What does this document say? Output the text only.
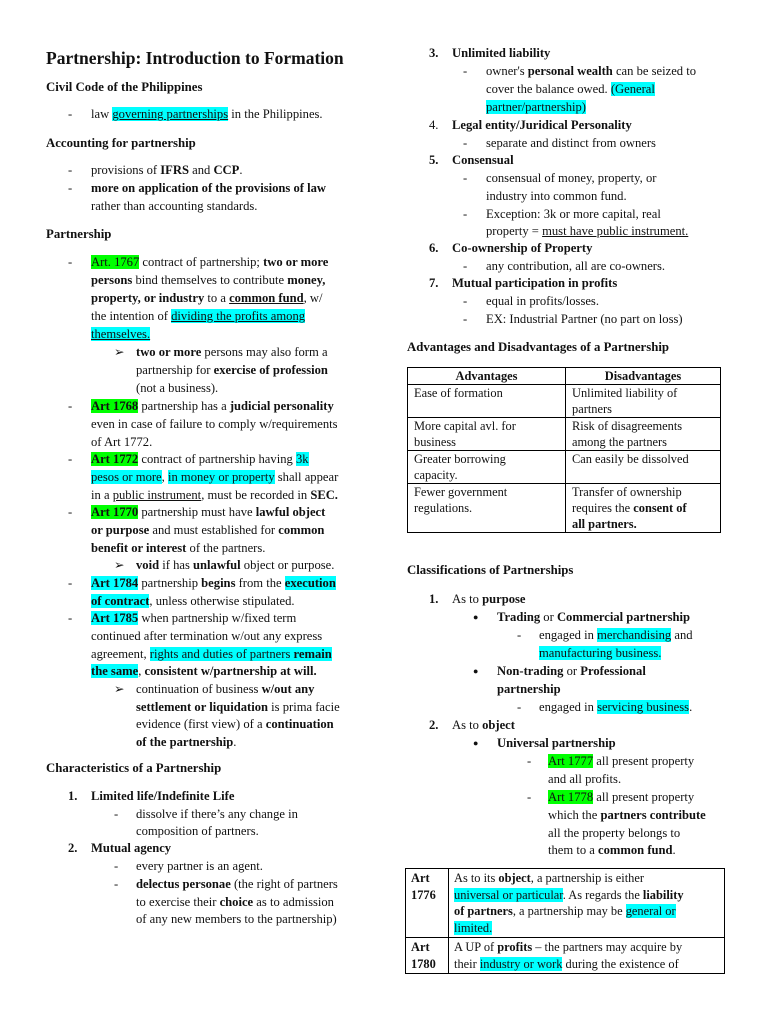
Partnership: Introduction to Formation
Civil Code of the Philippines
- law governing partnerships in the Philippines.
Accounting for partnership
- provisions of IFRS and CCP.
- more on application of the provisions of law
rather than accounting standards.
Partnership
- Art. 1767 contract of partnership; two or more
persons bind themselves to contribute money,
property, or industry to a common fund, w/
the intention of dividing the profits among
themselves.
➢ two or more persons may also form a
partnership for exercise of profession
(not a business).
- Art 1768 partnership has a judicial personality
even in case of failure to comply w/requirements
of Art 1772.
- Art 1772 contract of partnership having 3k
pesos or more, in money or property shall appear
in a public instrument, must be recorded in SEC.
- Art 1770 partnership must have lawful object
or purpose and must established for common
benefit or interest of the partners.
➢ void if has unlawful object or purpose.
- Art 1784 partnership begins from the execution
of contract, unless otherwise stipulated.
- Art 1785 when partnership w/fixed term
continued after termination w/out any express
agreement, rights and duties of partners remain
the same, consistent w/partnership at will.
➢ continuation of business w/out any
settlement or liquidation is prima facie
evidence (first view) of a continuation
of the partnership.
Characteristics of a Partnership
1. Limited life/Indefinite Life
- dissolve if there’s any change in
composition of partners.
2. Mutual agency
- every partner is an agent.
- delectus personae (the right of partners
to exercise their choice as to admission
of any new members to the partnership)
3. Unlimited liability
- owner's personal wealth can be seized to
cover the balance owed. (General
partner/partnership)
4. Legal entity/Juridical Personality
- separate and distinct from owners
5. Consensual
- consensual of money, property, or
industry into common fund.
- Exception: 3k or more capital, real
property = must have public instrument.
6. Co-ownership of Property
- any contribution, all are co-owners.
7. Mutual participation in profits
- equal in profits/losses.
- EX: Industrial Partner (no part on loss)
Advantages and Disadvantages of a Partnership
Advantages	Disadvantages
Ease of formation	Unlimited liability of
partners
More capital avl. for
business	Risk of disagreements
among the partners
Greater borrowing
capacity.	Can easily be dissolved
Fewer government
regulations.	Transfer of ownership
requires the consent of
all partners.
Classifications of Partnerships
1. As to purpose
● Trading or Commercial partnership
- engaged in merchandising and
manufacturing business.
● Non-trading or Professional
partnership
- engaged in servicing business.
2. As to object
● Universal partnership
- Art 1777 all present property
and all profits.
- Art 1778 all present property
which the partners contribute
all the property belongs to
them to a common fund.
Art
1776	As to its object, a partnership is either
universal or particular. As regards the liability
of partners, a partnership may be general or
limited.
Art
1780	A UP of profits – the partners may acquire by
their industry or work during the existence of
